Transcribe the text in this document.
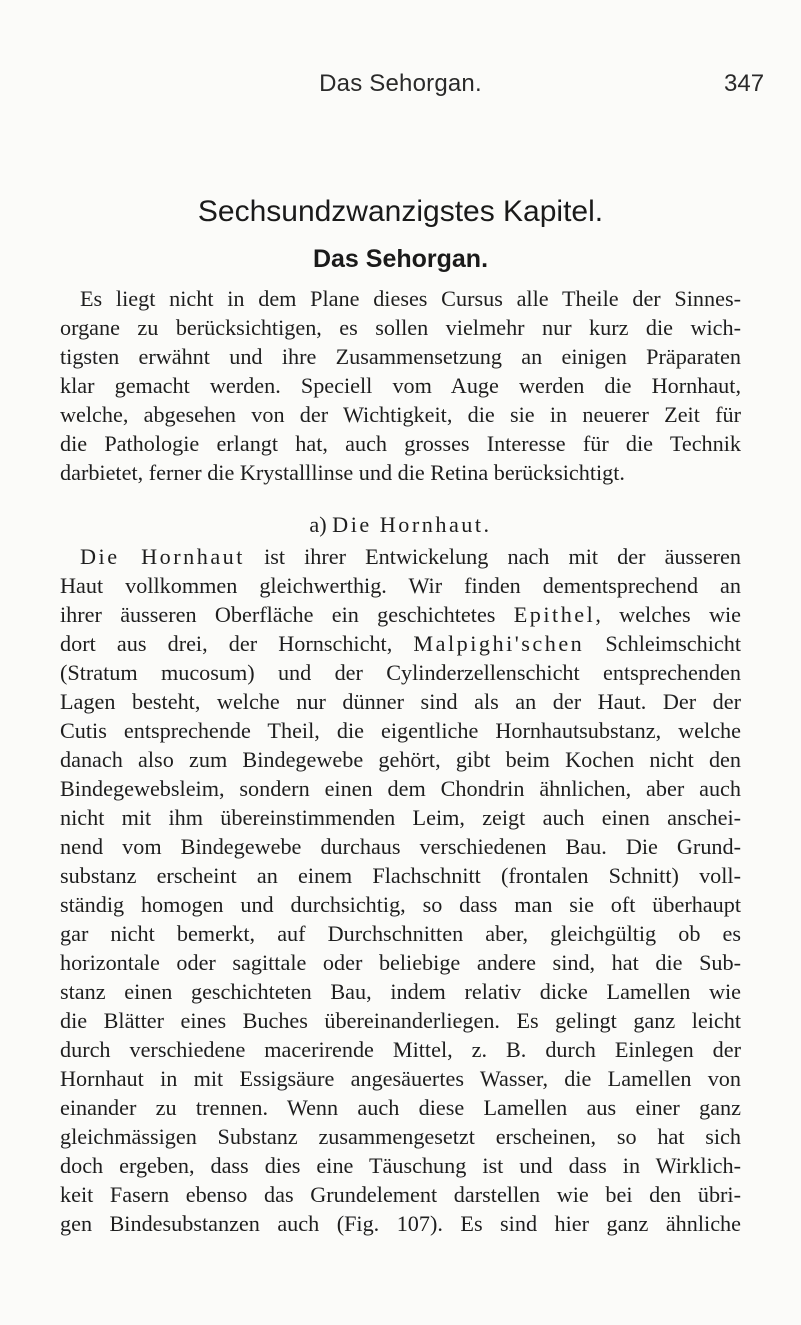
Das Sehorgan.	347
Sechsundzwanzigstes Kapitel.
Das Sehorgan.
Es liegt nicht in dem Plane dieses Cursus alle Theile der Sinnes-
organe zu berücksichtigen, es sollen vielmehr nur kurz die wich-
tigsten erwähnt und ihre Zusammensetzung an einigen Präparaten
klar gemacht werden. Speciell vom Auge werden die Hornhaut,
welche, abgesehen von der Wichtigkeit, die sie in neuerer Zeit für
die Pathologie erlangt hat, auch grosses Interesse für die Technik
darbietet, ferner die Krystalllinse und die Retina berücksichtigt.
a) Die Hornhaut.
Die Hornhaut ist ihrer Entwickelung nach mit der äusseren
Haut vollkommen gleichwerthig. Wir finden dementsprechend an
ihrer äusseren Oberfläche ein geschichtetes Epithel, welches wie
dort aus drei, der Hornschicht, Malpighi'schen Schleimschicht
(Stratum mucosum) und der Cylinderzellenschicht entsprechenden
Lagen besteht, welche nur dünner sind als an der Haut. Der der
Cutis entsprechende Theil, die eigentliche Hornhautsubstanz, welche
danach also zum Bindegewebe gehört, gibt beim Kochen nicht den
Bindegewebsleim, sondern einen dem Chondrin ähnlichen, aber auch
nicht mit ihm übereinstimmenden Leim, zeigt auch einen anschei-
nend vom Bindegewebe durchaus verschiedenen Bau. Die Grund-
substanz erscheint an einem Flachschnitt (frontalen Schnitt) voll-
ständig homogen und durchsichtig, so dass man sie oft überhaupt
gar nicht bemerkt, auf Durchschnitten aber, gleichgültig ob es
horizontale oder sagittale oder beliebige andere sind, hat die Sub-
stanz einen geschichteten Bau, indem relativ dicke Lamellen wie
die Blätter eines Buches übereinanderliegen. Es gelingt ganz leicht
durch verschiedene macerirende Mittel, z. B. durch Einlegen der
Hornhaut in mit Essigsäure angesäuertes Wasser, die Lamellen von
einander zu trennen. Wenn auch diese Lamellen aus einer ganz
gleichmässigen Substanz zusammengesetzt erscheinen, so hat sich
doch ergeben, dass dies eine Täuschung ist und dass in Wirklich-
keit Fasern ebenso das Grundelement darstellen wie bei den übri-
gen Bindesubstanzen auch (Fig. 107). Es sind hier ganz ähnliche
